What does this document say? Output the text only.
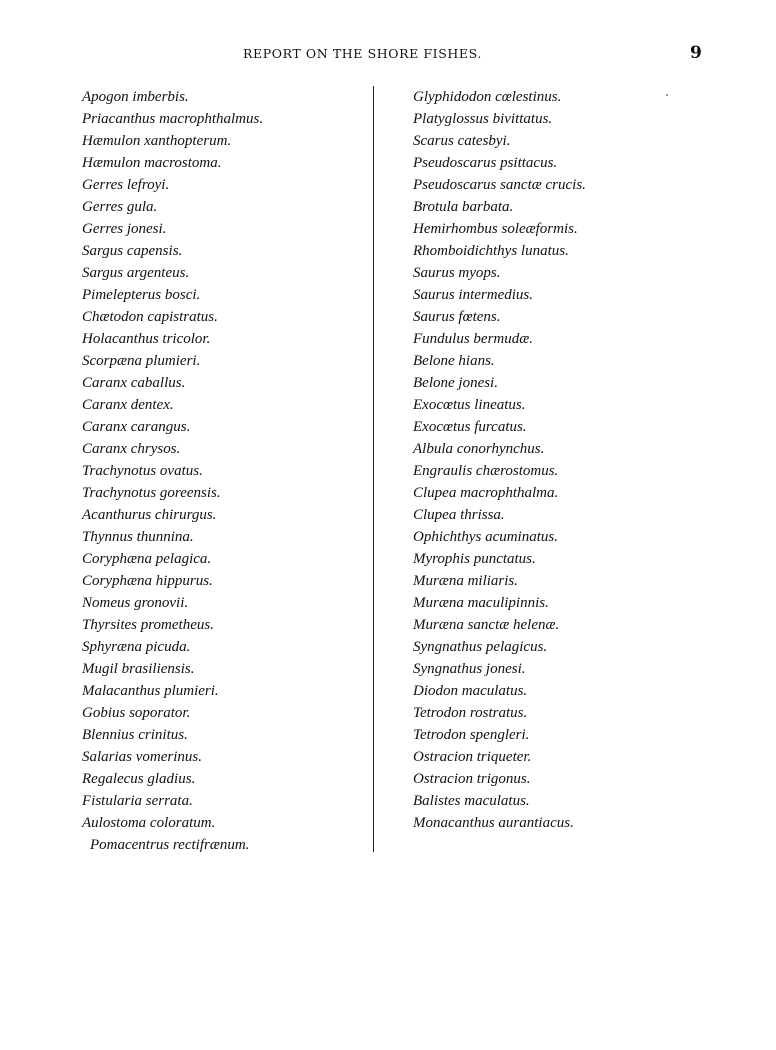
REPORT ON THE SHORE FISHES.	9
Apogon imberbis.
Priacanthus macrophthalmus.
Hæmulon xanthopterum.
Hæmulon macrostoma.
Gerres lefroyi.
Gerres gula.
Gerres jonesi.
Sargus capensis.
Sargus argenteus.
Pimelepterus bosci.
Chætodon capistratus.
Holacanthus tricolor.
Scorpæna plumieri.
Caranx caballus.
Caranx dentex.
Caranx carangus.
Caranx chrysos.
Trachynotus ovatus.
Trachynotus goreensis.
Acanthurus chirurgus.
Thynnus thunnina.
Coryphæna pelagica.
Coryphæna hippurus.
Nomeus gronovii.
Thyrsites prometheus.
Sphyræna picuda.
Mugil brasiliensis.
Malacanthus plumieri.
Gobius soporator.
Blennius crinitus.
Salarias vomerinus.
Regalecus gladius.
Fistularia serrata.
Aulostoma coloratum.
Pomacentrus rectifrænum.
Glyphidodon cœlestinus.
Platyglossus bivittatus.
Scarus catesbyi.
Pseudoscarus psittacus.
Pseudoscarus sanctæ crucis.
Brotula barbata.
Hemirhombus soleæformis.
Rhomboidichthys lunatus.
Saurus myops.
Saurus intermedius.
Saurus fœtens.
Fundulus bermudæ.
Belone hians.
Belone jonesi.
Exocœtus lineatus.
Exocœtus furcatus.
Albula conorhynchus.
Engraulis chærostomus.
Clupea macrophthalma.
Clupea thrissa.
Ophichthys acuminatus.
Myrophis punctatus.
Muræna miliaris.
Muræna maculipinnis.
Muræna sanctæ helenæ.
Syngnathus pelagicus.
Syngnathus jonesi.
Diodon maculatus.
Tetrodon rostratus.
Tetrodon spengleri.
Ostracion triqueter.
Ostracion trigonus.
Balistes maculatus.
Monacanthus aurantiacus.
